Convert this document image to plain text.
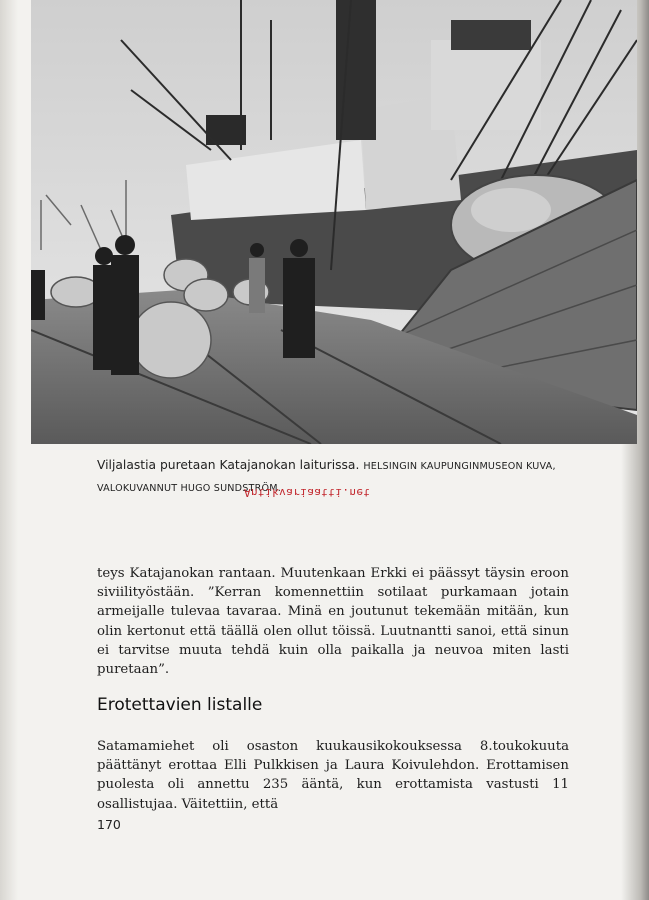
Viljalastia puretaan Katajanokan laiturissa. HELSINGIN KAUPUNGINMUSEON KUVA, VALOKUVANNUT HUGO SUNDSTRÖM.
Antikvariaatti.net

teys Katajanokan rantaan. Muutenkaan Erkki ei päässyt täysin eroon siviilityöstään. ”Kerran komennettiin sotilaat purkamaan jotain armeijalle tulevaa tavaraa. Minä en joutunut tekemään mitään, kun olin kertonut että täällä olen ollut töissä. Luutnantti sanoi, että sinun ei tarvitse muuta tehdä kuin olla paikalla ja neuvoa miten lasti puretaan”.

Erotettavien listalle

Satamamiehet oli osaston kuukausikokouksessa 8.toukokuuta päättänyt erottaa Elli Pulkkisen ja Laura Koivulehdon. Erottamisen puolesta oli annettu 235 ääntä, kun erottamista vastusti 11 osallistujaa. Väitettiin, että

170
